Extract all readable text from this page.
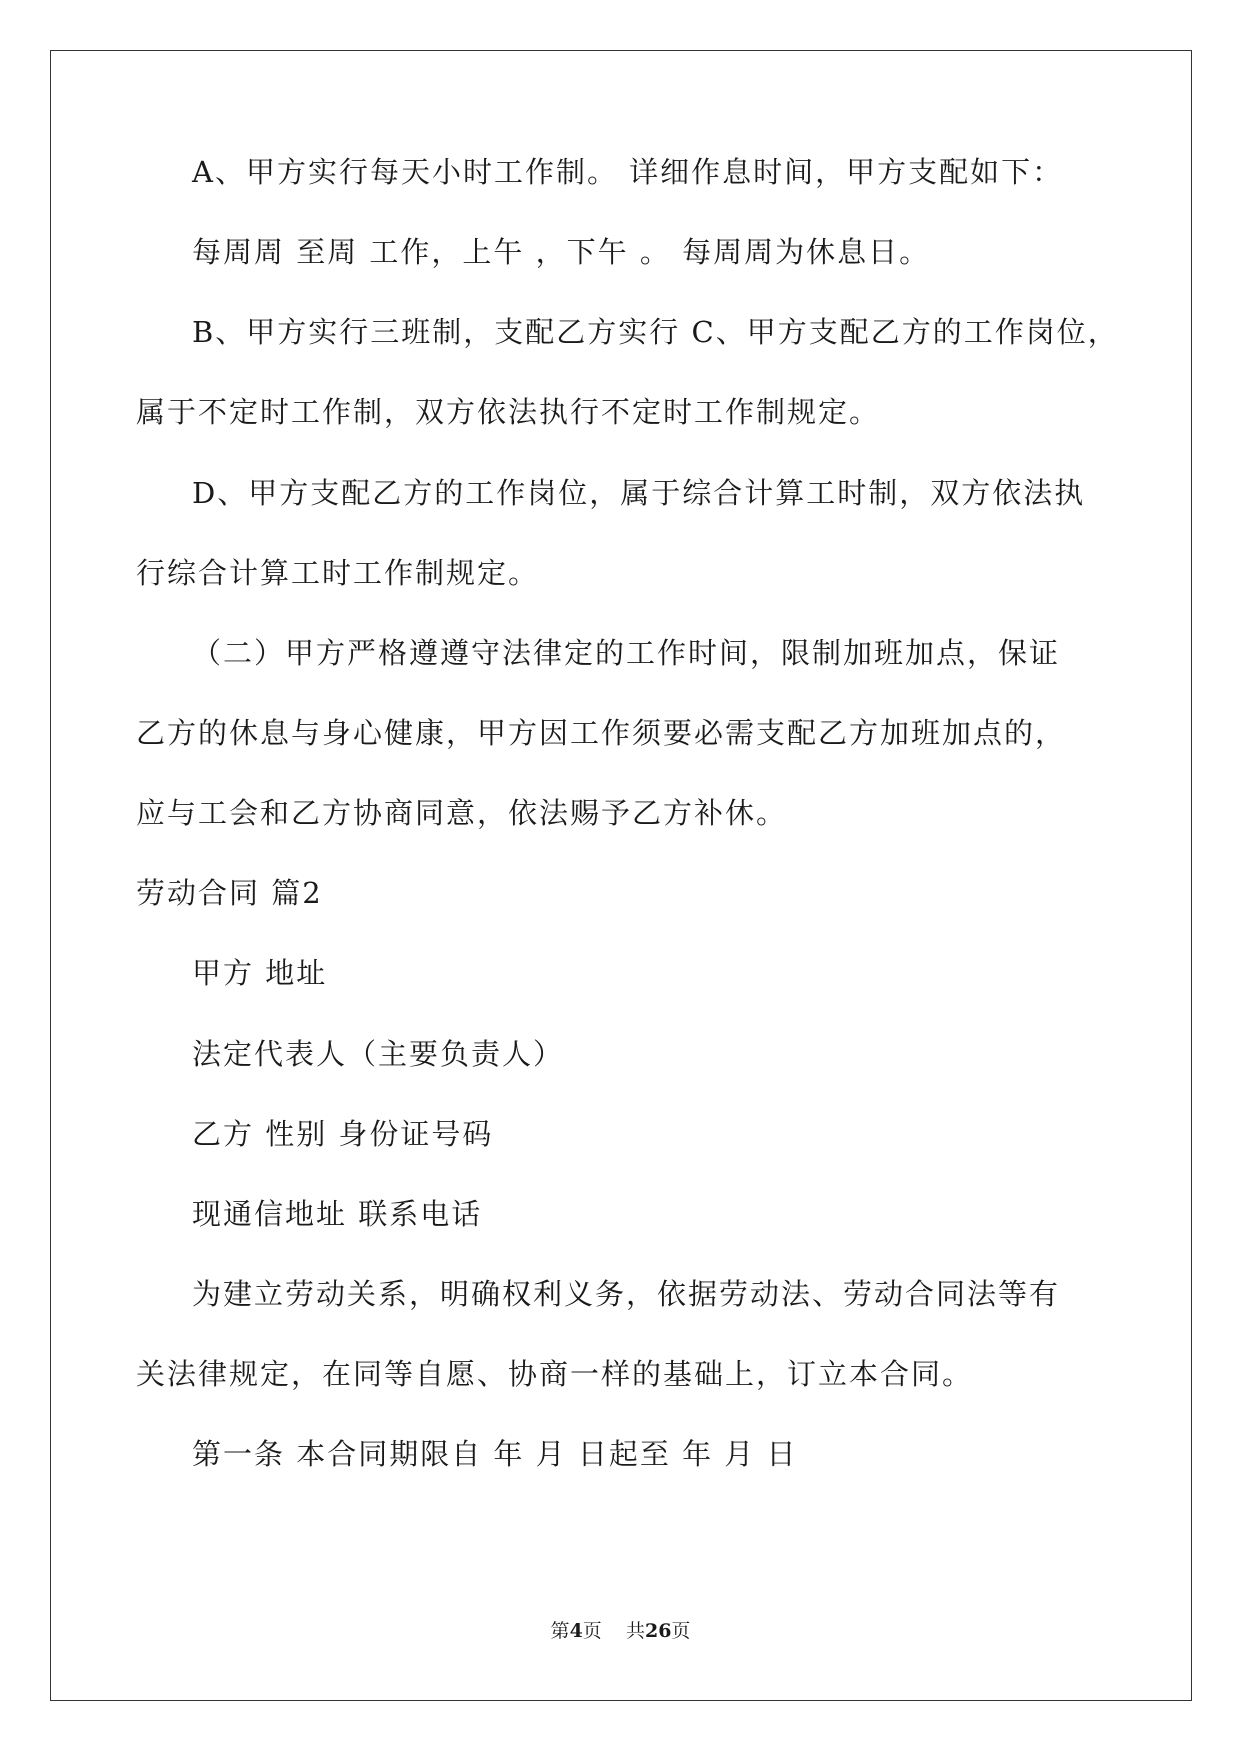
A、甲方实行每天小时工作制。 详细作息时间，甲方支配如下：
每周周 至周 工作，上午 ，下午 。 每周周为休息日。
B、甲方实行三班制，支配乙方实行 C、甲方支配乙方的工作岗位，
属于不定时工作制，双方依法执行不定时工作制规定。
D、甲方支配乙方的工作岗位，属于综合计算工时制，双方依法执
行综合计算工时工作制规定。
（二）甲方严格遵遵守法律定的工作时间，限制加班加点，保证
乙方的休息与身心健康，甲方因工作须要必需支配乙方加班加点的，
应与工会和乙方协商同意，依法赐予乙方补休。
劳动合同 篇2
甲方 地址
法定代表人（主要负责人）
乙方 性别 身份证号码
现通信地址 联系电话
为建立劳动关系，明确权利义务，依据劳动法、劳动合同法等有
关法律规定，在同等自愿、协商一样的基础上，订立本合同。
第一条 本合同期限自 年 月 日起至 年 月 日
第4页    共26页
